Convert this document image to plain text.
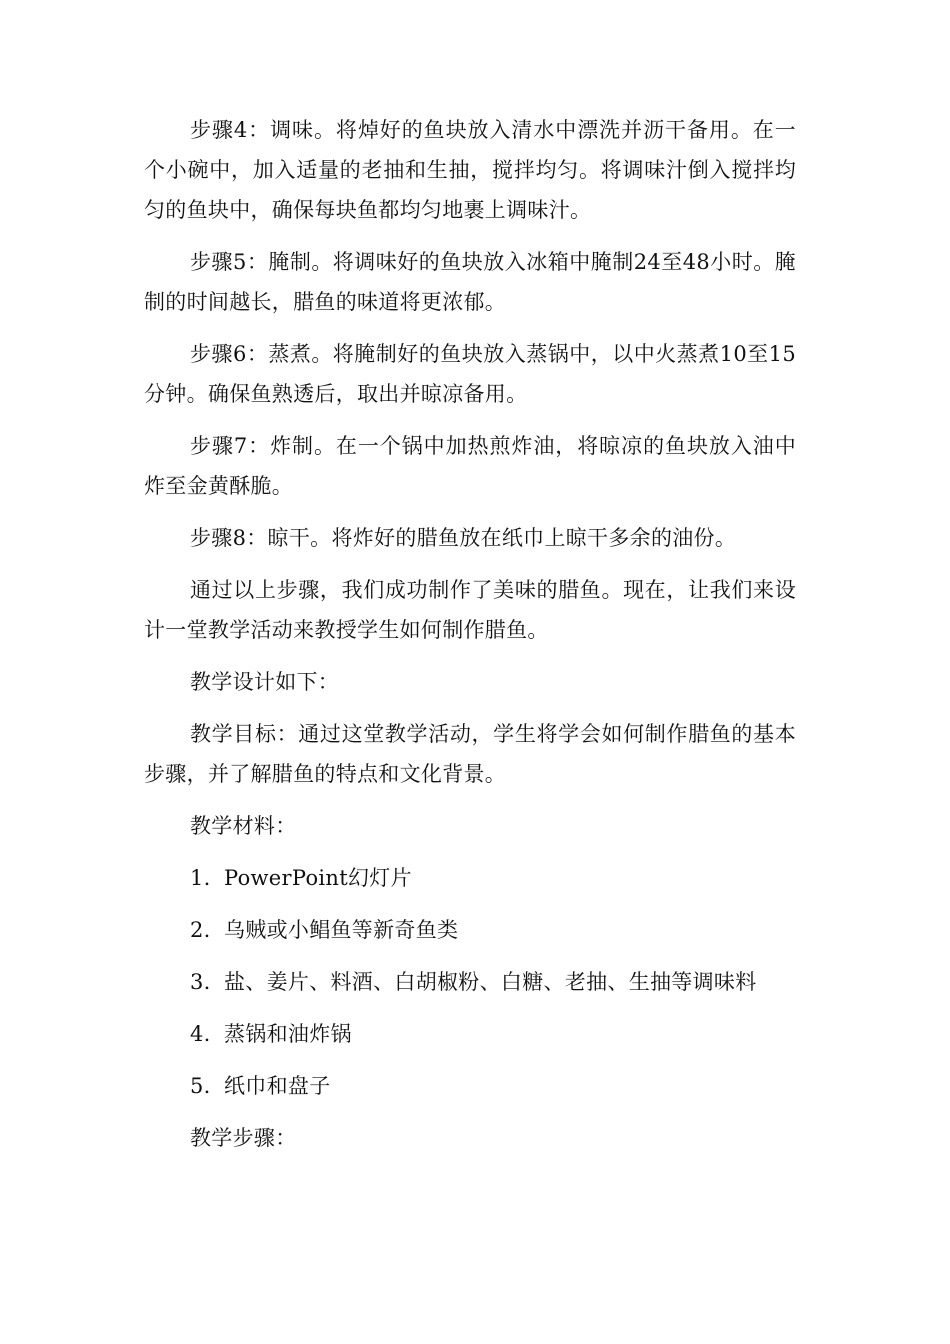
步骤4：调味。将焯好的鱼块放入清水中漂洗并沥干备用。在一个小碗中，加入适量的老抽和生抽，搅拌均匀。将调味汁倒入搅拌均匀的鱼块中，确保每块鱼都均匀地裹上调味汁。

步骤5：腌制。将调味好的鱼块放入冰箱中腌制24至48小时。腌制的时间越长，腊鱼的味道将更浓郁。

步骤6：蒸煮。将腌制好的鱼块放入蒸锅中，以中火蒸煮10至15分钟。确保鱼熟透后，取出并晾凉备用。

步骤7：炸制。在一个锅中加热煎炸油，将晾凉的鱼块放入油中炸至金黄酥脆。

步骤8：晾干。将炸好的腊鱼放在纸巾上晾干多余的油份。

通过以上步骤，我们成功制作了美味的腊鱼。现在，让我们来设计一堂教学活动来教授学生如何制作腊鱼。

教学设计如下：

教学目标：通过这堂教学活动，学生将学会如何制作腊鱼的基本步骤，并了解腊鱼的特点和文化背景。

教学材料：

1. PowerPoint幻灯片
2. 乌贼或小鲳鱼等新奇鱼类
3. 盐、姜片、料酒、白胡椒粉、白糖、老抽、生抽等调味料
4. 蒸锅和油炸锅
5. 纸巾和盘子

教学步骤：
